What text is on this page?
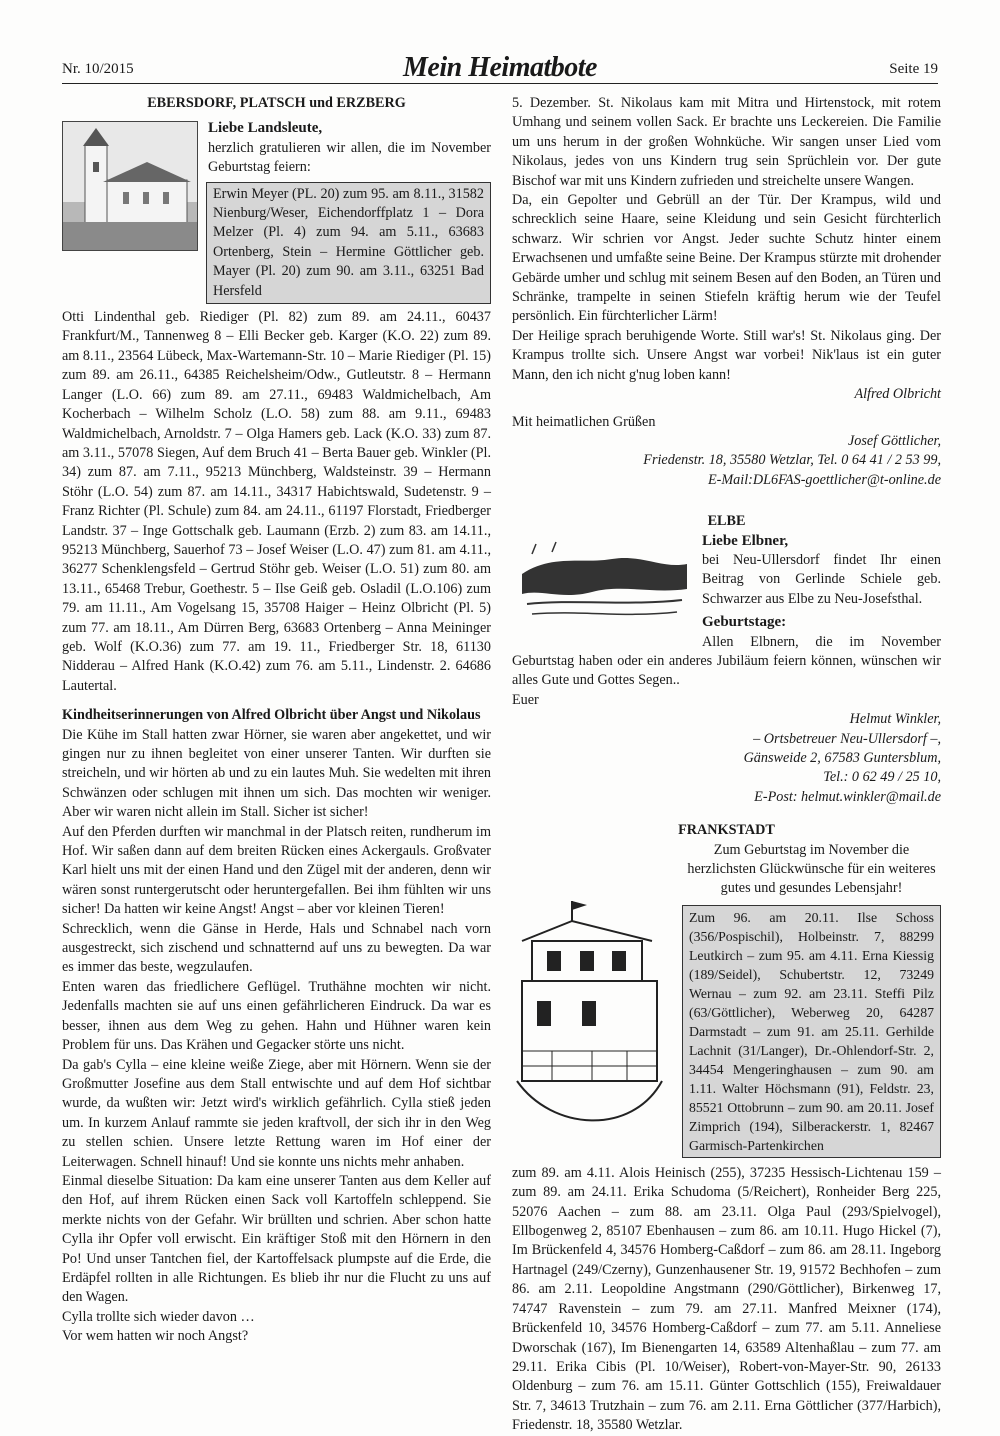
Nr. 10/2015	Mein Heimatbote	Seite 19

EBERSDORF, PLATSCH und ERZBERG

Liebe Landsleute,

herzlich gratulieren wir allen, die im November Geburtstag feiern:

Erwin Meyer (PL. 20) zum 95. am 8.11., 31582 Nienburg/Weser, Eichendorffplatz 1 – Dora Melzer (Pl. 4) zum 94. am 5.11., 63683 Ortenberg, Stein – Hermine Göttlicher geb. Mayer (Pl. 20) zum 90. am 3.11., 63251 Bad Hersfeld

Otti Lindenthal geb. Riediger (Pl. 82) zum 89. am 24.11., 60437 Frankfurt/M., Tannenweg 8 – Elli Becker geb. Karger (K.O. 22) zum 89. am 8.11., 23564 Lübeck, Max-Wartemann-Str. 10 – Marie Riediger (Pl. 15) zum 89. am 26.11., 64385 Reichelsheim/Odw., Gutleutstr. 8 – Hermann Langer (L.O. 66) zum 89. am 27.11., 69483 Waldmichelbach, Am Kocherbach – Wilhelm Scholz (L.O. 58) zum 88. am 9.11., 69483 Waldmichelbach, Arnoldstr. 7 – Olga Hamers geb. Lack (K.O. 33) zum 87. am 3.11., 57078 Siegen, Auf dem Bruch 41 – Berta Bauer geb. Winkler (Pl. 34) zum 87. am 7.11., 95213 Münchberg, Waldsteinstr. 39 – Hermann Stöhr (L.O. 54) zum 87. am 14.11., 34317 Habichtswald, Sudetenstr. 9 – Franz Richter (Pl. Schule) zum 84. am 24.11., 61197 Florstadt, Friedberger Landstr. 37 – Inge Gottschalk geb. Laumann (Erzb. 2) zum 83. am 14.11., 95213 Münchberg, Sauerhof 73 – Josef Weiser (L.O. 47) zum 81. am 4.11., 36277 Schenklengsfeld – Gertrud Stöhr geb. Weiser (L.O. 51) zum 80. am 13.11., 65468 Trebur, Goethestr. 5 – Ilse Geiß geb. Osladil (L.O.106) zum 79. am 11.11., Am Vogelsang 15, 35708 Haiger – Heinz Olbricht (Pl. 5) zum 77. am 18.11., Am Dürren Berg, 63683 Ortenberg – Anna Meininger geb. Wolf (K.O.36) zum 77. am 19. 11., Friedberger Str. 18, 61130 Nidderau – Alfred Hank (K.O.42) zum 76. am 5.11., Lindenstr. 2. 64686 Lautertal.

Kindheitserinnerungen von Alfred Olbricht über Angst und Nikolaus

Die Kühe im Stall hatten zwar Hörner, sie waren aber angekettet, und wir gingen nur zu ihnen begleitet von einer unserer Tanten. Wir durften sie streicheln, und wir hörten ab und zu ein lautes Muh. Sie wedelten mit ihren Schwänzen oder schlugen mit ihnen um sich. Das mochten wir weniger. Aber wir waren nicht allein im Stall. Sicher ist sicher!

Auf den Pferden durften wir manchmal in der Platsch reiten, rundherum im Hof. Wir saßen dann auf dem breiten Rücken eines Ackergauls. Großvater Karl hielt uns mit der einen Hand und den Zügel mit der anderen, denn wir wären sonst runtergerutscht oder heruntergefallen. Bei ihm fühlten wir uns sicher! Da hatten wir keine Angst! Angst – aber vor kleinen Tieren!

Schrecklich, wenn die Gänse in Herde, Hals und Schnabel nach vorn ausgestreckt, sich zischend und schnatternd auf uns zu bewegten. Da war es immer das beste, wegzulaufen.

Enten waren das friedlichere Geflügel. Truthähne mochten wir nicht. Jedenfalls machten sie auf uns einen gefährlicheren Eindruck. Da war es besser, ihnen aus dem Weg zu gehen. Hahn und Hühner waren kein Problem für uns. Das Krähen und Gegacker störte uns nicht.

Da gab's Cylla – eine kleine weiße Ziege, aber mit Hörnern. Wenn sie der Großmutter Josefine aus dem Stall entwischte und auf dem Hof sichtbar wurde, da wußten wir: Jetzt wird's wirklich gefährlich. Cylla stieß jeden um. In kurzem Anlauf rammte sie jeden kraftvoll, der sich ihr in den Weg zu stellen schien. Unsere letzte Rettung waren im Hof einer der Leiterwagen. Schnell hinauf! Und sie konnte uns nichts mehr anhaben.

Einmal dieselbe Situation: Da kam eine unserer Tanten aus dem Keller auf den Hof, auf ihrem Rücken einen Sack voll Kartoffeln schleppend. Sie merkte nichts von der Gefahr. Wir brüllten und schrien. Aber schon hatte Cylla ihr Opfer voll erwischt. Ein kräftiger Stoß mit den Hörnern in den Po! Und unser Tantchen fiel, der Kartoffelsack plumpste auf die Erde, die Erdäpfel rollten in alle Richtungen. Es blieb ihr nur die Flucht zu uns auf den Wagen.

Cylla trollte sich wieder davon …

Vor wem hatten wir noch Angst?

5. Dezember. St. Nikolaus kam mit Mitra und Hirtenstock, mit rotem Umhang und seinem vollen Sack. Er brachte uns Leckereien. Die Familie um uns herum in der großen Wohnküche. Wir sangen unser Lied vom Nikolaus, jedes von uns Kindern trug sein Sprüchlein vor. Der gute Bischof war mit uns Kindern zufrieden und streichelte unsere Wangen.

Da, ein Gepolter und Gebrüll an der Tür. Der Krampus, wild und schrecklich seine Haare, seine Kleidung und sein Gesicht fürchterlich schwarz. Wir schrien vor Angst. Jeder suchte Schutz hinter einem Erwachsenen und umfaßte seine Beine. Der Krampus stürzte mit drohender Gebärde umher und schlug mit seinem Besen auf den Boden, an Türen und Schränke, trampelte in seinen Stiefeln kräftig herum wie der Teufel persönlich. Ein fürchterlicher Lärm!

Der Heilige sprach beruhigende Worte. Still war's! St. Nikolaus ging. Der Krampus trollte sich. Unsere Angst war vorbei! Nik'laus ist ein guter Mann, den ich nicht g'nug loben kann!

Alfred Olbricht

Mit heimatlichen Grüßen

Josef Göttlicher,

Friedenstr. 18, 35580 Wetzlar, Tel. 0 64 41 / 2 53 99,

E-Mail:DL6FAS-goettlicher@t-online.de

ELBE

Liebe Elbner,

bei Neu-Ullersdorf findet Ihr einen Beitrag von Gerlinde Schiele geb. Schwarzer aus Elbe zu Neu-Josefsthal.

Geburtstage:

Allen Elbnern, die im November Geburtstag haben oder ein anderes Jubiläum feiern können, wünschen wir alles Gute und Gottes Segen..

Euer

Helmut Winkler,

– Ortsbetreuer Neu-Ullersdorf –,

Gänsweide 2, 67583 Guntersblum,

Tel.: 0 62 49 / 25 10,

E-Post: helmut.winkler@mail.de

FRANKSTADT

Zum Geburtstag im November die herzlichsten Glückwünsche für ein weiteres gutes und gesundes Lebensjahr!

Zum 96. am 20.11. Ilse Schoss (356/Pospischil), Holbeinstr. 7, 88299 Leutkirch – zum 95. am 4.11. Erna Kiessig (189/Seidel), Schubertstr. 12, 73249 Wernau – zum 92. am 23.11. Steffi Pilz (63/Göttlicher), Weberweg 20, 64287 Darmstadt – zum 91. am 25.11. Gerhilde Lachnit (31/Langer), Dr.-Ohlendorf-Str. 2, 34454 Mengeringhausen – zum 90. am 1.11. Walter Höchsmann (91), Feldstr. 23, 85521 Ottobrunn – zum 90. am 20.11. Josef Zimprich (194), Silberackerstr. 1, 82467 Garmisch-Partenkirchen

zum 89. am 4.11. Alois Heinisch (255), 37235 Hessisch-Lichtenau 159 – zum 89. am 24.11. Erika Schudoma (5/Reichert), Ronheider Berg 225, 52076 Aachen – zum 88. am 23.11. Olga Paul (293/Spielvogel), Ellbogenweg 2, 85107 Ebenhausen – zum 86. am 10.11. Hugo Hickel (7), Im Brückenfeld 4, 34576 Homberg-Caßdorf – zum 86. am 28.11. Ingeborg Hartnagel (249/Czerny), Gunzenhausener Str. 19, 91572 Bechhofen – zum 86. am 2.11. Leopoldine Angstmann (290/Göttlicher), Birkenweg 17, 74747 Ravenstein – zum 79. am 27.11. Manfred Meixner (174), Brückenfeld 10, 34576 Homberg-Caßdorf – zum 77. am 5.11. Anneliese Dworschak (167), Im Bienengarten 14, 63589 Altenhaßlau – zum 77. am 29.11. Erika Cibis (Pl. 10/Weiser), Robert-von-Mayer-Str. 90, 26133 Oldenburg – zum 76. am 15.11. Günter Gottschlich (155), Freiwaldauer Str. 7, 34613 Trutzhain – zum 76. am 2.11. Erna Göttlicher (377/Harbich), Friedenstr. 18, 35580 Wetzlar.
